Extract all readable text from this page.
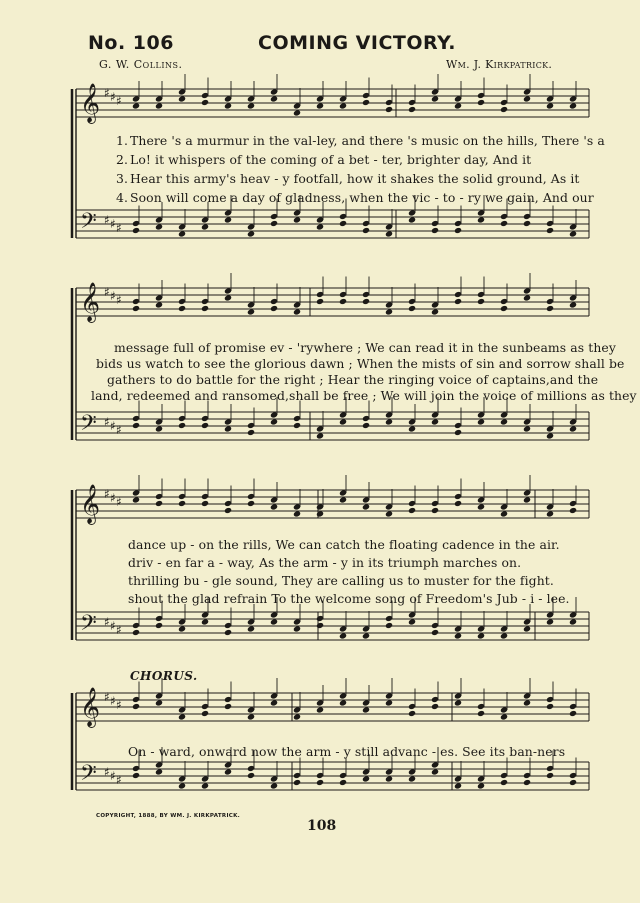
No. 106	COMING VICTORY.
G. W. Collins.	Wm. J. Kirkpatrick.
𝄞
𝄢
♯
♯
♯
♯
♯
♯
𝄞
𝄢
♯
♯
♯
♯
♯
♯
𝄞
𝄢
♯
♯
♯
♯
♯
♯
𝄞
𝄢
♯
♯
♯
♯
♯
♯
1. There 's a murmur in the val-ley, and there 's music on the hills, There 's a
2. Lo! it whispers of the coming of a bet - ter, brighter day, And it
3. Hear this army's heav - y footfall, how it shakes the solid ground, As it
4. Soon will come a day of gladness, when the vic - to - ry we gain, And our
message full of promise ev - 'rywhere ; We can read it in the sunbeams as they
bids us watch to see the glorious dawn ; When the mists of sin and sorrow shall be
gathers to do battle for the right ; Hear the ringing voice of captains,and the
land, redeemed and ransomed,shall be free ; We will join the voice of millions as they
dance up - on the rills, We can catch the floating cadence in the air.
driv - en far a - way, As the arm - y in its triumph marches on.
thrilling bu - gle sound, They are calling us to muster for the fight.
shout the glad refrain To the welcome song of Freedom's Jub - i - lee.
CHORUS.
On - ward, onward now the arm - y still advanc - es. See its ban-ners
COPYRIGHT, 1888, BY WM. J. KIRKPATRICK.
108
